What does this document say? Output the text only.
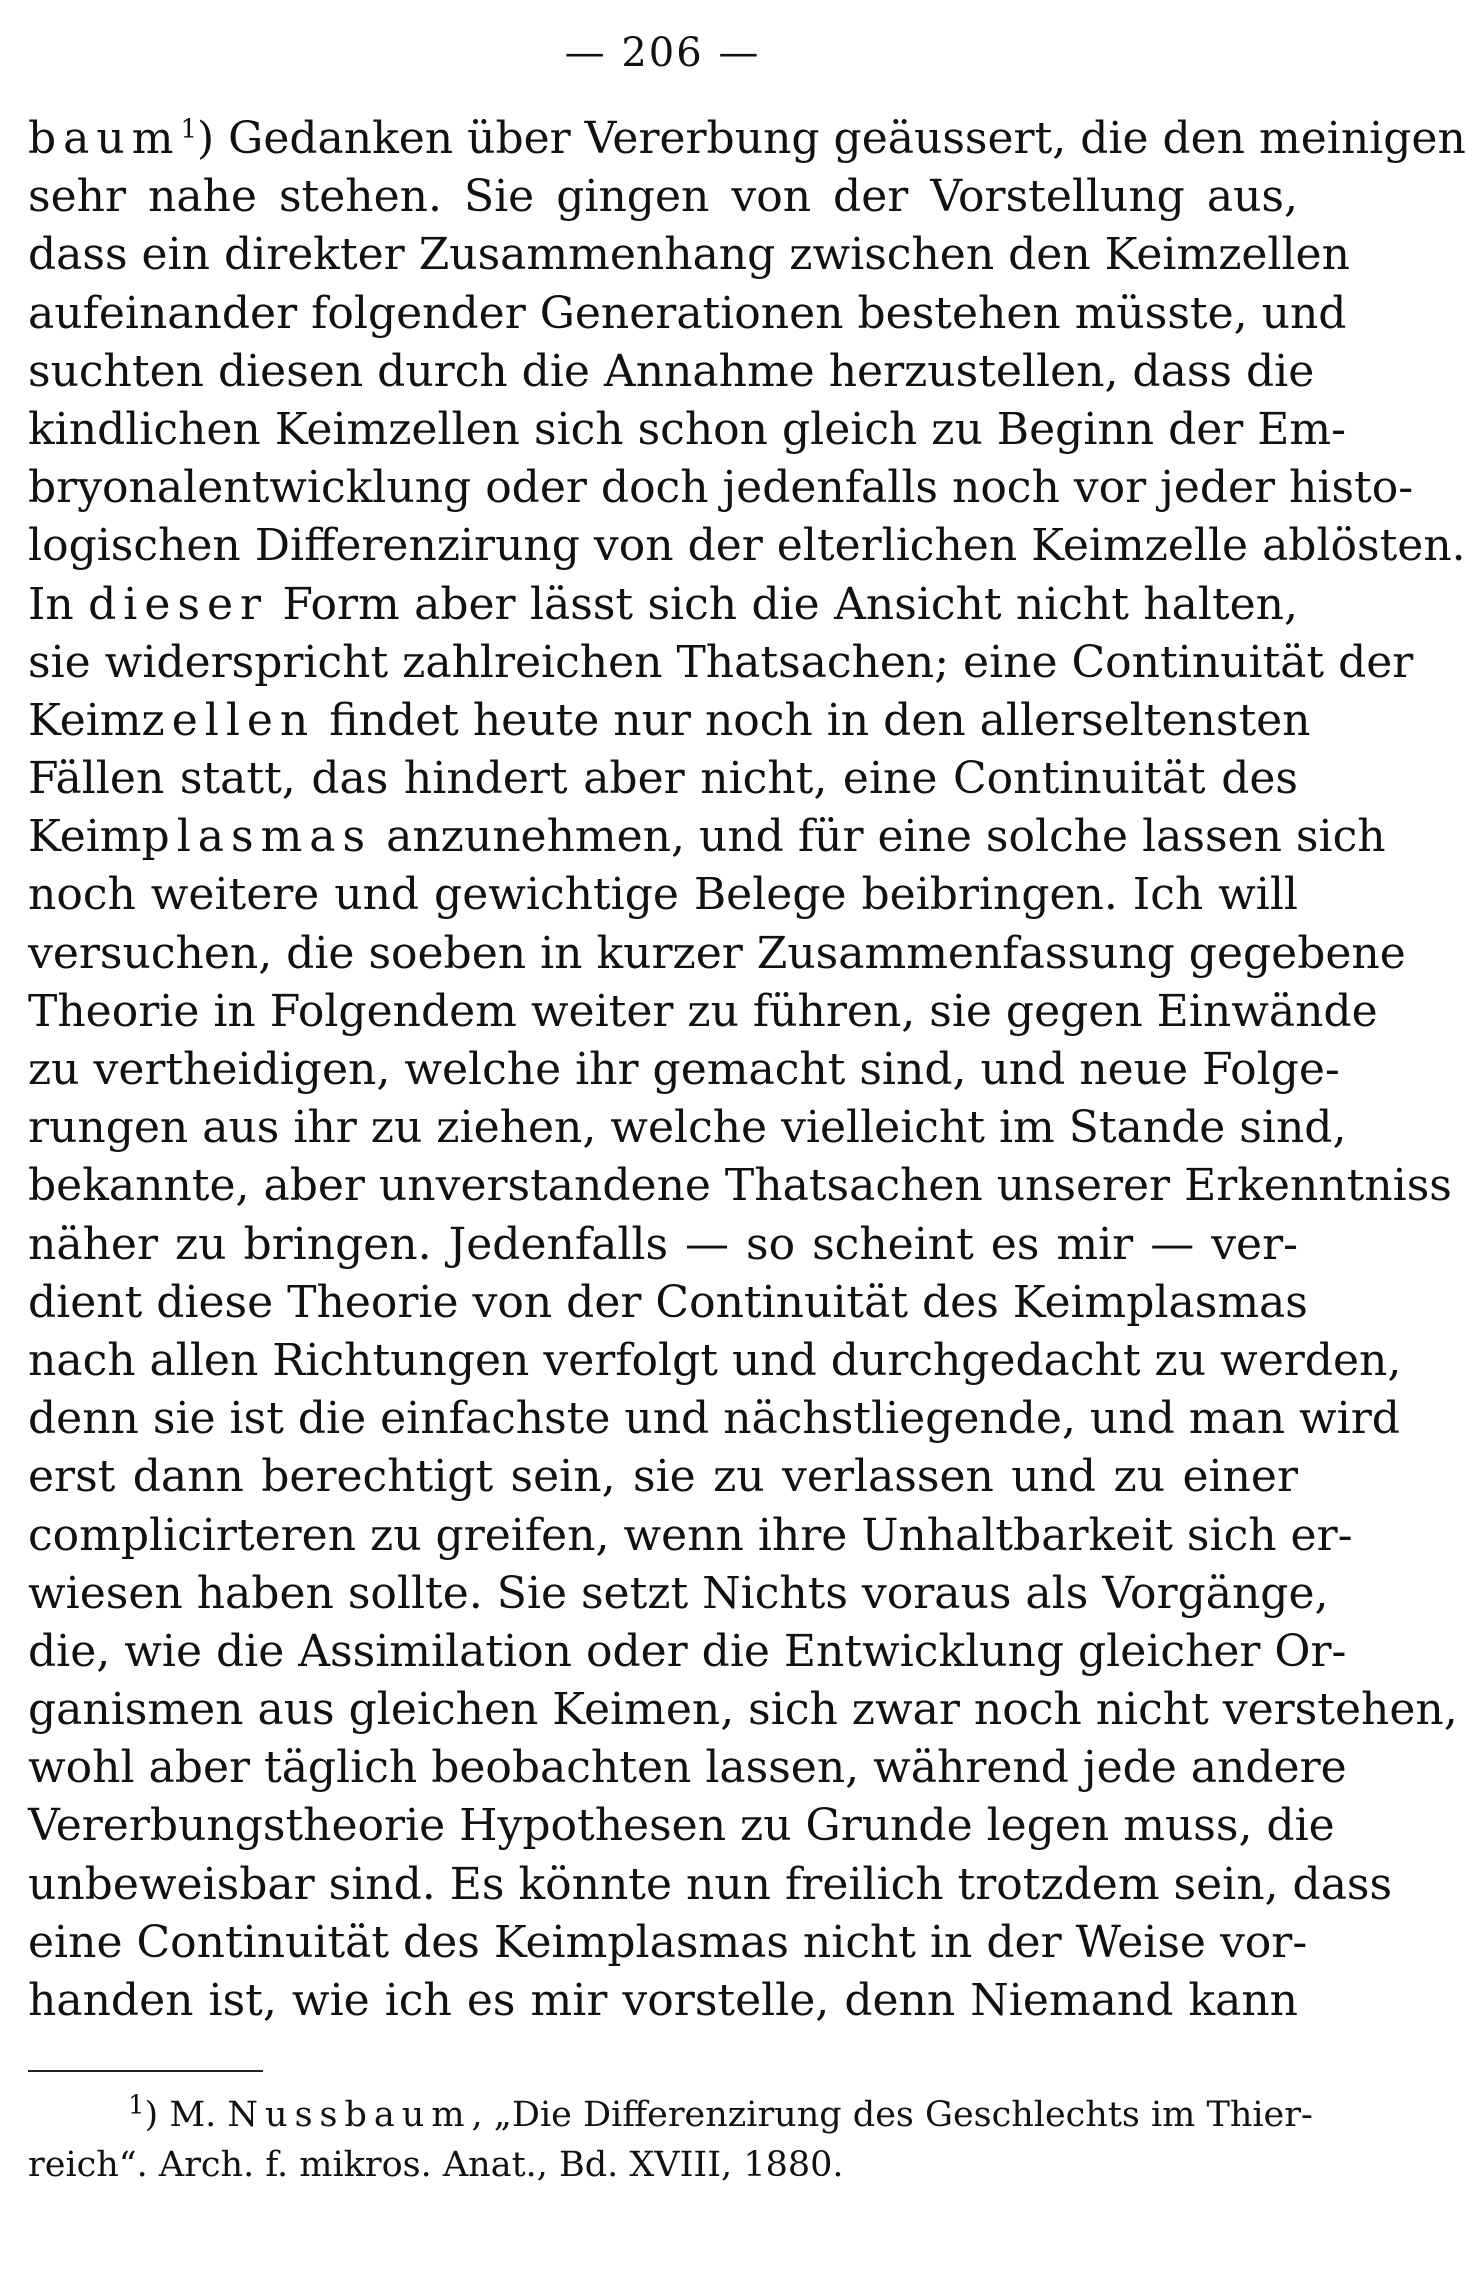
— 206 —
baum$^1$) Gedanken über Vererbung geäussert, die den meinigen
sehr nahe stehen. Sie gingen von der Vorstellung aus,
dass ein direkter Zusammenhang zwischen den Keimzellen
aufeinander folgender Generationen bestehen müsste, und
suchten diesen durch die Annahme herzustellen, dass die
kindlichen Keimzellen sich schon gleich zu Beginn der Em-
bryonalentwicklung oder doch jedenfalls noch vor jeder histo-
logischen Differenzirung von der elterlichen Keimzelle ablösten.
In dieser Form aber lässt sich die Ansicht nicht halten,
sie widerspricht zahlreichen Thatsachen; eine Continuität der
Keimzellen findet heute nur noch in den allerseltensten
Fällen statt, das hindert aber nicht, eine Continuität des
Keimplasmas anzunehmen, und für eine solche lassen sich
noch weitere und gewichtige Belege beibringen. Ich will
versuchen, die soeben in kurzer Zusammenfassung gegebene
Theorie in Folgendem weiter zu führen, sie gegen Einwände
zu vertheidigen, welche ihr gemacht sind, und neue Folge-
rungen aus ihr zu ziehen, welche vielleicht im Stande sind,
bekannte, aber unverstandene Thatsachen unserer Erkenntniss
näher zu bringen. Jedenfalls — so scheint es mir — ver-
dient diese Theorie von der Continuität des Keimplasmas
nach allen Richtungen verfolgt und durchgedacht zu werden,
denn sie ist die einfachste und nächstliegende, und man wird
erst dann berechtigt sein, sie zu verlassen und zu einer
complicirteren zu greifen, wenn ihre Unhaltbarkeit sich er-
wiesen haben sollte. Sie setzt Nichts voraus als Vorgänge,
die, wie die Assimilation oder die Entwicklung gleicher Or-
ganismen aus gleichen Keimen, sich zwar noch nicht verstehen,
wohl aber täglich beobachten lassen, während jede andere
Vererbungstheorie Hypothesen zu Grunde legen muss, die
unbeweisbar sind. Es könnte nun freilich trotzdem sein, dass
eine Continuität des Keimplasmas nicht in der Weise vor-
handen ist, wie ich es mir vorstelle, denn Niemand kann
$^1$) M. Nussbaum, „Die Differenzirung des Geschlechts im Thier-
reich“. Arch. f. mikros. Anat., Bd. XVIII, 1880.
